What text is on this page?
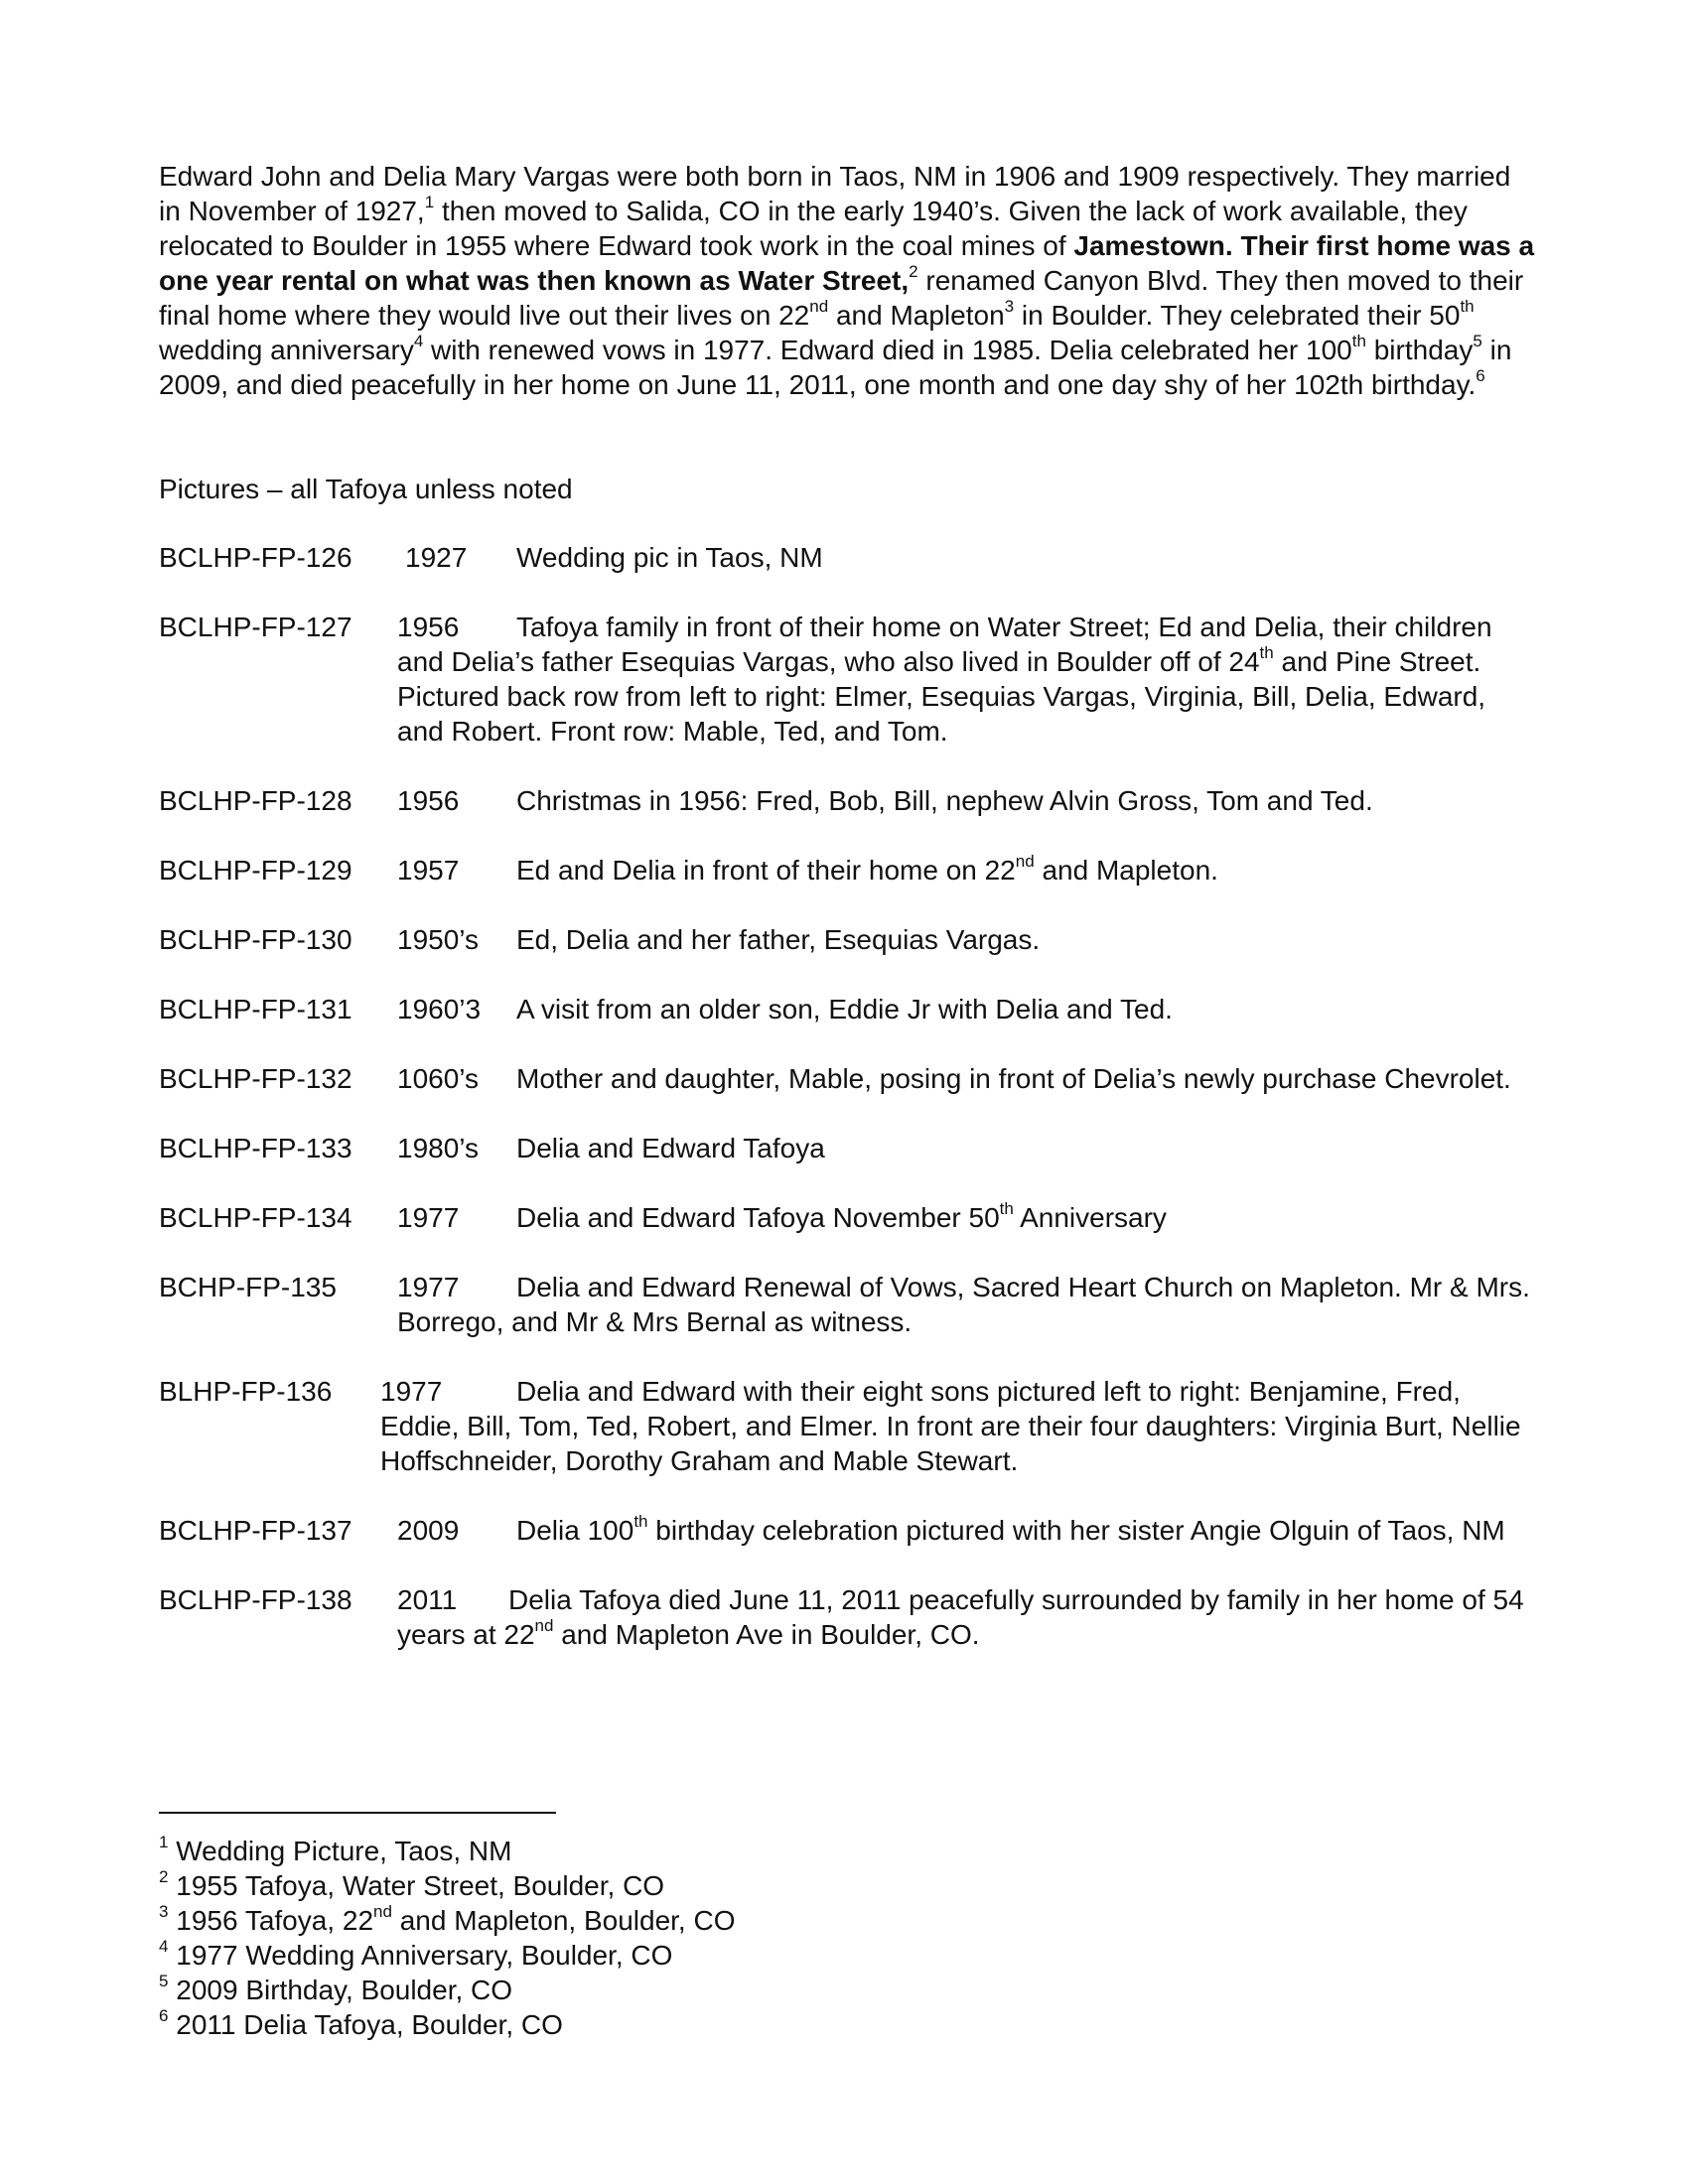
Edward John and Delia Mary Vargas were both born in Taos, NM in 1906 and 1909 respectively. They married in November of 1927,$^1$ then moved to Salida, CO in the early 1940’s. Given the lack of work available, they relocated to Boulder in 1955 where Edward took work in the coal mines of Jamestown. Their first home was a one year rental on what was then known as Water Street,$^2$ renamed Canyon Blvd. They then moved to their final home where they would live out their lives on 22nd and Mapleton$^3$ in Boulder. They celebrated their 50th wedding anniversary$^4$ with renewed vows in 1977. Edward died in 1985. Delia celebrated her 100th birthday$^5$ in 2009, and died peacefully in her home on June 11, 2011, one month and one day shy of her 102th birthday.$^6$

Pictures – all Tafoya unless noted
BCLHP-FP-126 1927	Wedding pic in Taos, NM
BCLHP-FP-127 1956	Tafoya family in front of their home on Water Street; Ed and Delia, their children and Delia’s father Esequias Vargas, who also lived in Boulder off of 24th and Pine Street. Pictured back row from left to right: Elmer, Esequias Vargas, Virginia, Bill, Delia, Edward, and Robert. Front row: Mable, Ted, and Tom.
BCLHP-FP-128 1956	Christmas in 1956: Fred, Bob, Bill, nephew Alvin Gross, Tom and Ted.
BCLHP-FP-129 1957	Ed and Delia in front of their home on 22nd and Mapleton.
BCLHP-FP-130 1950’s	Ed, Delia and her father, Esequias Vargas.
BCLHP-FP-131 1960’3	A visit from an older son, Eddie Jr with Delia and Ted.
BCLHP-FP-132 1060’s	Mother and daughter, Mable, posing in front of Delia’s newly purchase Chevrolet.
BCLHP-FP-133 1980’s	Delia and Edward Tafoya
BCLHP-FP-134 1977	Delia and Edward Tafoya November 50th Anniversary
BCHP-FP-135 1977	Delia and Edward Renewal of Vows, Sacred Heart Church on Mapleton. Mr & Mrs. Borrego, and Mr & Mrs Bernal as witness.
BLHP-FP-136 1977	Delia and Edward with their eight sons pictured left to right: Benjamine, Fred, Eddie, Bill, Tom, Ted, Robert, and Elmer. In front are their four daughters: Virginia Burt, Nellie Hoffschneider, Dorothy Graham and Mable Stewart.
BCLHP-FP-137 2009	Delia 100th birthday celebration pictured with her sister Angie Olguin of Taos, NM
BCLHP-FP-138 2011	Delia Tafoya died June 11, 2011 peacefully surrounded by family in her home of 54 years at 22nd and Mapleton Ave in Boulder, CO.
$^1$ Wedding Picture, Taos, NM
$^2$ 1955 Tafoya, Water Street, Boulder, CO
$^3$ 1956 Tafoya, 22nd and Mapleton, Boulder, CO
$^4$ 1977 Wedding Anniversary, Boulder, CO
$^5$ 2009 Birthday, Boulder, CO
$^6$ 2011 Delia Tafoya, Boulder, CO
